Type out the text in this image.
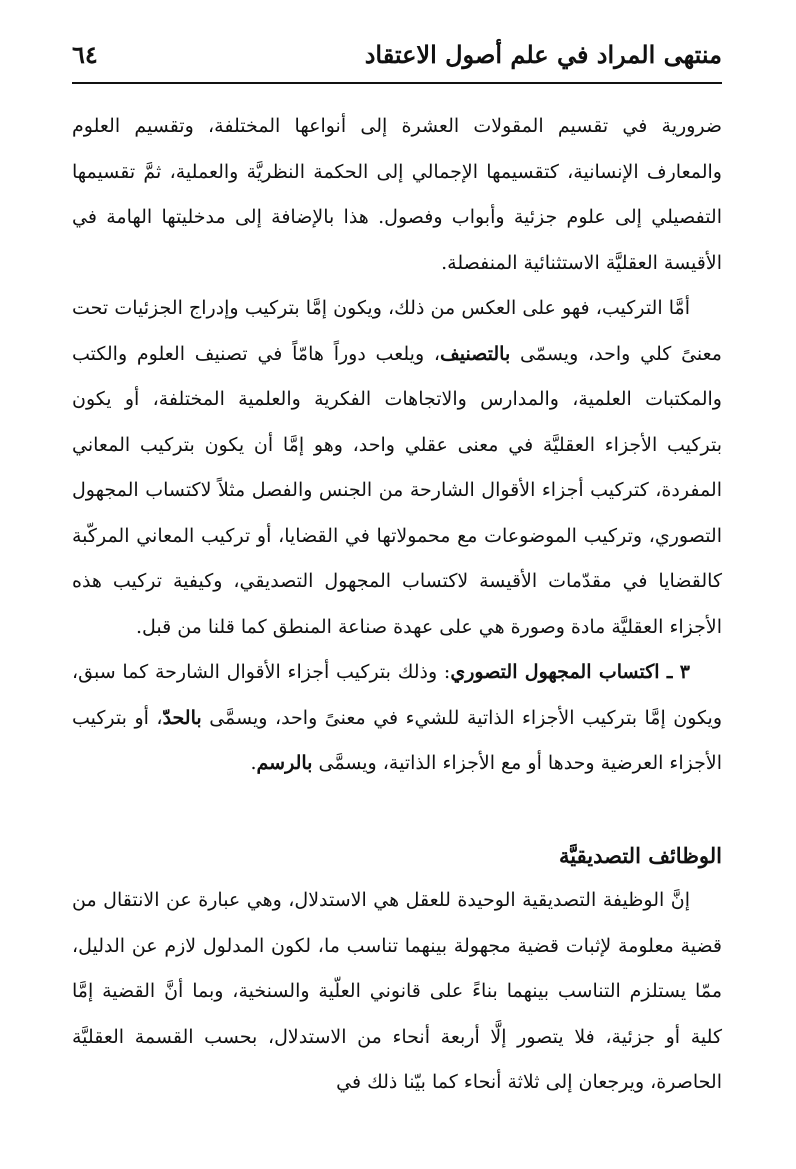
منتهى المراد في علم أصول الاعتقاد
٦٤

ضرورية في تقسيم المقولات العشرة إلى أنواعها المختلفة، وتقسيم العلوم والمعارف الإنسانية، كتقسيمها الإجمالي إلى الحكمة النظريَّة والعملية، ثمَّ تقسيمها التفصيلي إلى علوم جزئية وأبواب وفصول. هذا بالإضافة إلى مدخليتها الهامة في الأقيسة العقليَّة الاستثنائية المنفصلة.

أمَّا التركيب، فهو على العكس من ذلك، ويكون إمَّا بتركيب وإدراج الجزئيات تحت معنىً كلي واحد، ويسمّى بالتصنيف، ويلعب دوراً هامّاً في تصنيف العلوم والكتب والمكتبات العلمية، والمدارس والاتجاهات الفكرية والعلمية المختلفة، أو يكون بتركيب الأجزاء العقليَّة في معنى عقلي واحد، وهو إمَّا أن يكون بتركيب المعاني المفردة، كتركيب أجزاء الأقوال الشارحة من الجنس والفصل مثلاً لاكتساب المجهول التصوري، وتركيب الموضوعات مع محمولاتها في القضايا، أو تركيب المعاني المركّبة كالقضايا في مقدّمات الأقيسة لاكتساب المجهول التصديقي، وكيفية تركيب هذه الأجزاء العقليَّة مادة وصورة هي على عهدة صناعة المنطق كما قلنا من قبل.

٣ ـ اكتساب المجهول التصوري: وذلك بتركيب أجزاء الأقوال الشارحة كما سبق، ويكون إمَّا بتركيب الأجزاء الذاتية للشيء في معنىً واحد، ويسمَّى بالحدّ، أو بتركيب الأجزاء العرضية وحدها أو مع الأجزاء الذاتية، ويسمَّى بالرسم.

الوظائف التصديقيَّة

إنَّ الوظيفة التصديقية الوحيدة للعقل هي الاستدلال، وهي عبارة عن الانتقال من قضية معلومة لإثبات قضية مجهولة بينهما تناسب ما، لكون المدلول لازم عن الدليل، ممّا يستلزم التناسب بينهما بناءً على قانوني العلّية والسنخية، وبما أنَّ القضية إمَّا كلية أو جزئية، فلا يتصور إلَّا أربعة أنحاء من الاستدلال، بحسب القسمة العقليَّة الحاصرة، ويرجعان إلى ثلاثة أنحاء كما بيّنا ذلك في
